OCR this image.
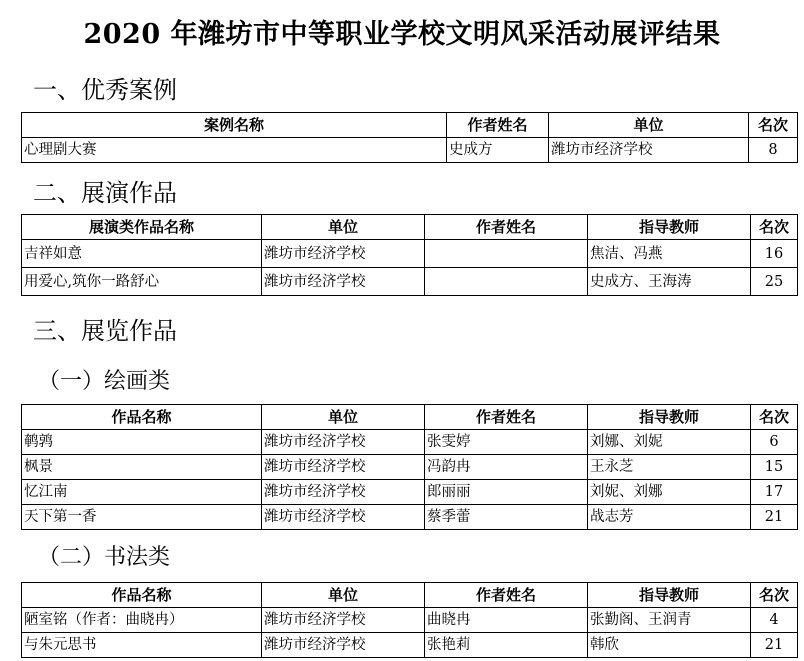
2020 年潍坊市中等职业学校文明风采活动展评结果
一、优秀案例
案例名称	作者姓名	单位	名次
心理剧大赛	史成方	潍坊市经济学校	8
二、展演作品
展演类作品名称	单位	作者姓名	指导教师	名次
吉祥如意	潍坊市经济学校		焦洁、冯燕	16
用爱心,筑你一路舒心	潍坊市经济学校		史成方、王海涛	25
三、展览作品
（一）绘画类
作品名称	单位	作者姓名	指导教师	名次
鹌鹑	潍坊市经济学校	张雯婷	刘娜、刘妮	6
枫景	潍坊市经济学校	冯韵冉	王永芝	15
忆江南	潍坊市经济学校	郎丽丽	刘妮、刘娜	17
天下第一香	潍坊市经济学校	蔡季蕾	战志芳	21
（二）书法类
作品名称	单位	作者姓名	指导教师	名次
陋室铭（作者：曲晓冉）	潍坊市经济学校	曲晓冉	张勤阁、王润青	4
与朱元思书	潍坊市经济学校	张艳莉	韩欣	21
